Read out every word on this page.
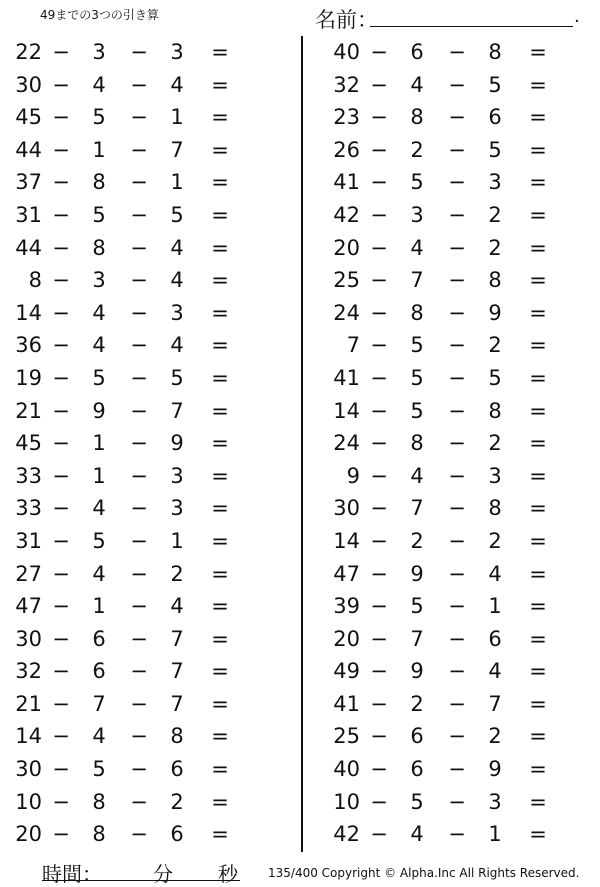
49までの3つの引き算	名前：	.
22 −	3	−	3	=
30 −	4	−	4	=
45 −	5	−	1	=
44 −	1	−	7	=
37 −	8	−	1	=
31 −	5	−	5	=
44 −	8	−	4	=
8 −	3	−	4	=
14 −	4	−	3	=
36 −	4	−	4	=
19 −	5	−	5	=
21 −	9	−	7	=
45 −	1	−	9	=
33 −	1	−	3	=
33 −	4	−	3	=
31 −	5	−	1	=
27 −	4	−	2	=
47 −	1	−	4	=
30 −	6	−	7	=
32 −	6	−	7	=
21 −	7	−	7	=
14 −	4	−	8	=
30 −	5	−	6	=
10 −	8	−	2	=
20 −	8	−	6	=
40 −	6	−	8	=
32 −	4	−	5	=
23 −	8	−	6	=
26 −	2	−	5	=
41 −	5	−	3	=
42 −	3	−	2	=
20 −	4	−	2	=
25 −	7	−	8	=
24 −	8	−	9	=
7 −	5	−	2	=
41 −	5	−	5	=
14 −	5	−	8	=
24 −	8	−	2	=
9 −	4	−	3	=
30 −	7	−	8	=
14 −	2	−	2	=
47 −	9	−	4	=
39 −	5	−	1	=
20 −	7	−	6	=
49 −	9	−	4	=
41 −	2	−	7	=
25 −	6	−	2	=
40 −	6	−	9	=
10 −	5	−	3	=
42 −	4	−	1	=
時間：	分 秒	135/400 Copyright © Alpha.Inc All Rights Reserved.
